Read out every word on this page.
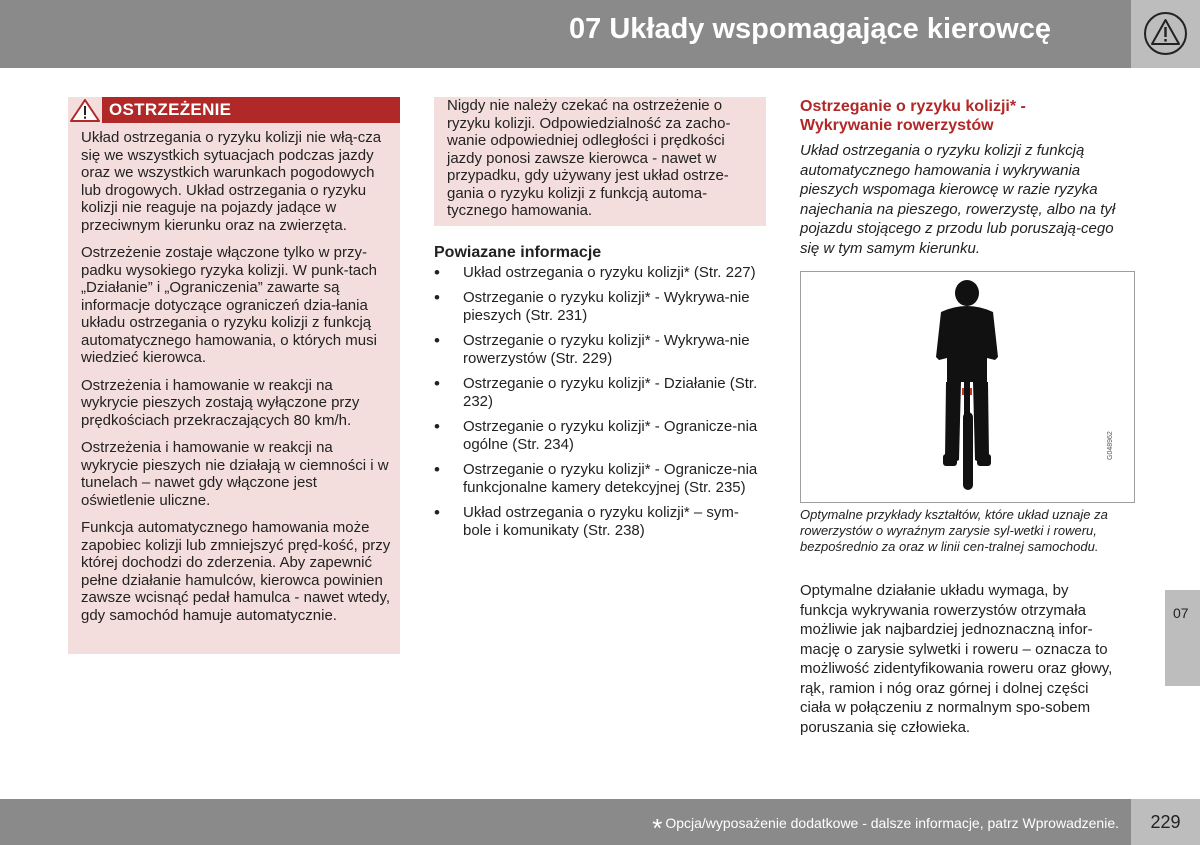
07 Układy wspomagające kierowcę
OSTRZEŻENIE

Układ ostrzegania o ryzyku kolizji nie włą-cza się we wszystkich sytuacjach podczas jazdy oraz we wszystkich warunkach pogodowych lub drogowych. Układ ostrzegania o ryzyku kolizji nie reaguje na pojazdy jadące w przeciwnym kierunku oraz na zwierzęta.

Ostrzeżenie zostaje włączone tylko w przy-padku wysokiego ryzyka kolizji. W punk-tach „Działanie” i „Ograniczenia” zawarte są informacje dotyczące ograniczeń dzia-łania układu ostrzegania o ryzyku kolizji z funkcją automatycznego hamowania, o których musi wiedzieć kierowca.

Ostrzeżenia i hamowanie w reakcji na wykrycie pieszych zostają wyłączone przy prędkościach przekraczających 80 km/h.

Ostrzeżenia i hamowanie w reakcji na wykrycie pieszych nie działają w ciemności i w tunelach – nawet gdy włączone jest oświetlenie uliczne.

Funkcja automatycznego hamowania może zapobiec kolizji lub zmniejszyć pręd-kość, przy której dochodzi do zderzenia. Aby zapewnić pełne działanie hamulców, kierowca powinien zawsze wcisnąć pedał hamulca - nawet wtedy, gdy samochód hamuje automatycznie.

Nigdy nie należy czekać na ostrzeżenie o ryzyku kolizji. Odpowiedzialność za zacho-wanie odpowiedniej odległości i prędkości jazdy ponosi zawsze kierowca - nawet w przypadku, gdy używany jest układ ostrze-gania o ryzyku kolizji z funkcją automa-tycznego hamowania.

Powiazane informacje
• Układ ostrzegania o ryzyku kolizji* (Str. 227)
• Ostrzeganie o ryzyku kolizji* - Wykrywa-nie pieszych (Str. 231)
• Ostrzeganie o ryzyku kolizji* - Wykrywa-nie rowerzystów (Str. 229)
• Ostrzeganie o ryzyku kolizji* - Działanie (Str. 232)
• Ostrzeganie o ryzyku kolizji* - Ogranicze-nia ogólne (Str. 234)
• Ostrzeganie o ryzyku kolizji* - Ogranicze-nia funkcjonalne kamery detekcyjnej (Str. 235)
• Układ ostrzegania o ryzyku kolizji* – sym-bole i komunikaty (Str. 238)
Ostrzeganie o ryzyku kolizji* - Wykrywanie rowerzystów

Układ ostrzegania o ryzyku kolizji z funkcją automatycznego hamowania i wykrywania pieszych wspomaga kierowcę w razie ryzyka najechania na pieszego, rowerzystę, albo na tył pojazdu stojącego z przodu lub poruszają-cego się w tym samym kierunku.

G048962

Optymalne przykłady kształtów, które układ uznaje za rowerzystów o wyraźnym zarysie syl-wetki i roweru, bezpośrednio za oraz w linii cen-tralnej samochodu.

Optymalne działanie układu wymaga, by funkcja wykrywania rowerzystów otrzymała możliwie jak najbardziej jednoznaczną infor-mację o zarysie sylwetki i roweru – oznacza to możliwość zidentyfikowania roweru oraz głowy, rąk, ramion i nóg oraz górnej i dolnej części ciała w połączeniu z normalnym spo-sobem poruszania się człowieka.

07
* Opcja/wyposażenie dodatkowe - dalsze informacje, patrz Wprowadzenie.	229
